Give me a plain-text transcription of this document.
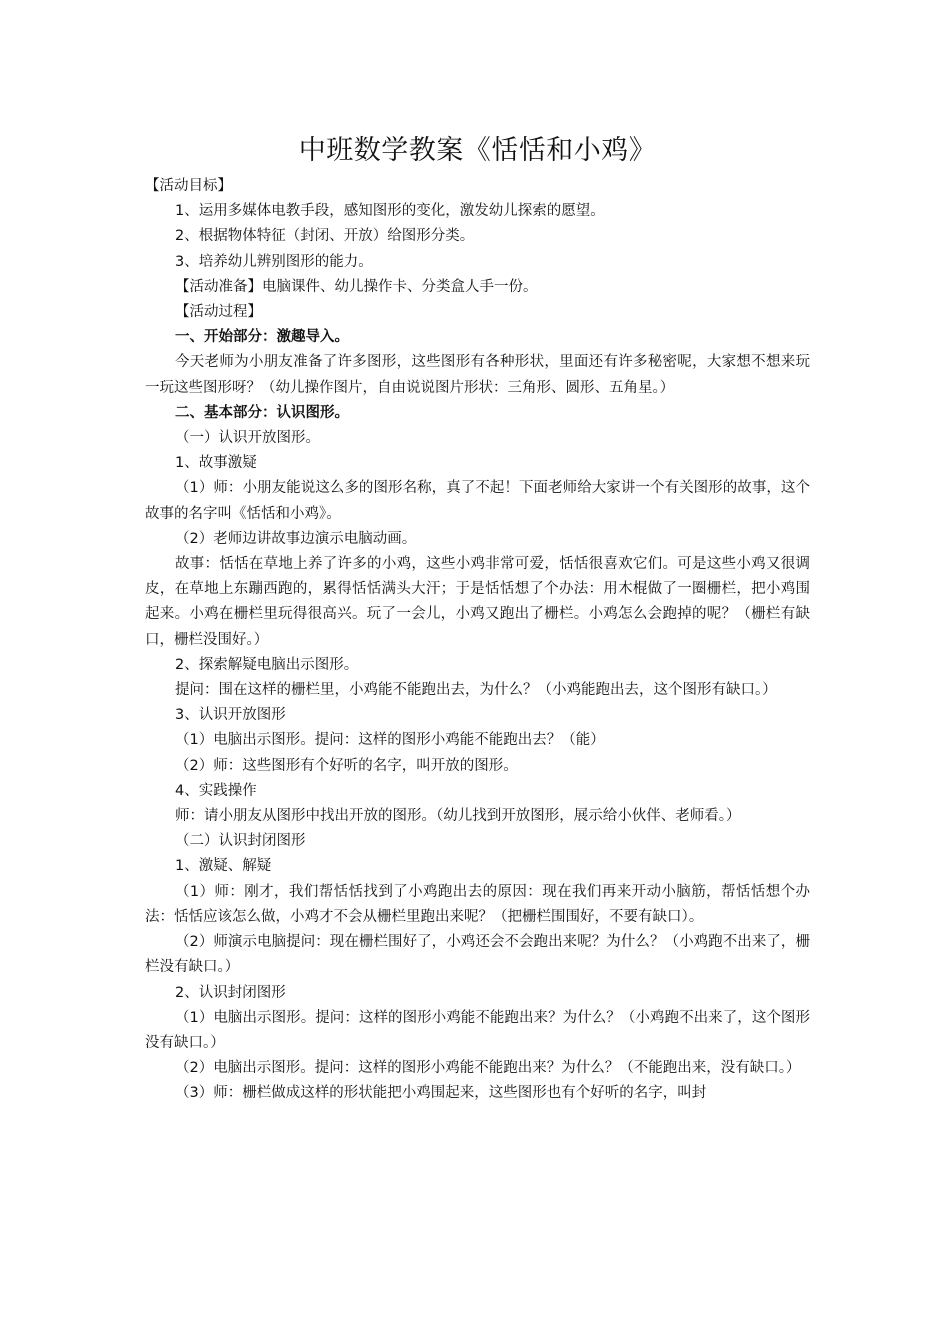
中班数学教案《恬恬和小鸡》

【活动目标】

1、运用多媒体电教手段，感知图形的变化，激发幼儿探索的愿望。

2、根据物体特征（封闭、开放）给图形分类。

3、培养幼儿辨别图形的能力。

【活动准备】电脑课件、幼儿操作卡、分类盒人手一份。

【活动过程】

一、开始部分：激趣导入。

今天老师为小朋友准备了许多图形，这些图形有各种形状，里面还有许多秘密呢，大家想不想来玩一玩这些图形呀？（幼儿操作图片，自由说说图片形状：三角形、圆形、五角星。）

二、基本部分：认识图形。

（一）认识开放图形。

1、故事激疑

（1）师：小朋友能说这么多的图形名称，真了不起！下面老师给大家讲一个有关图形的故事，这个故事的名字叫《恬恬和小鸡》。

（2）老师边讲故事边演示电脑动画。

故事：恬恬在草地上养了许多的小鸡，这些小鸡非常可爱，恬恬很喜欢它们。可是这些小鸡又很调皮，在草地上东蹦西跑的，累得恬恬满头大汗；于是恬恬想了个办法：用木棍做了一圈栅栏，把小鸡围起来。小鸡在栅栏里玩得很高兴。玩了一会儿，小鸡又跑出了栅栏。小鸡怎么会跑掉的呢？（栅栏有缺口，栅栏没围好。）

2、探索解疑电脑出示图形。

提问：围在这样的栅栏里，小鸡能不能跑出去，为什么？（小鸡能跑出去，这个图形有缺口。）

3、认识开放图形

（1）电脑出示图形。提问：这样的图形小鸡能不能跑出去？（能）

（2）师：这些图形有个好听的名字，叫开放的图形。

4、实践操作

师：请小朋友从图形中找出开放的图形。（幼儿找到开放图形，展示给小伙伴、老师看。）

（二）认识封闭图形

1、激疑、解疑

（1）师：刚才，我们帮恬恬找到了小鸡跑出去的原因：现在我们再来开动小脑筋，帮恬恬想个办法：恬恬应该怎么做，小鸡才不会从栅栏里跑出来呢？（把栅栏围围好，不要有缺口）。

（2）师演示电脑提问：现在栅栏围好了，小鸡还会不会跑出来呢？为什么？（小鸡跑不出来了，栅栏没有缺口。）

2、认识封闭图形

（1）电脑出示图形。提问：这样的图形小鸡能不能跑出来？为什么？（小鸡跑不出来了，这个图形没有缺口。）

（2）电脑出示图形。提问：这样的图形小鸡能不能跑出来？为什么？（不能跑出来，没有缺口。）

（3）师：栅栏做成这样的形状能把小鸡围起来，这些图形也有个好听的名字，叫封
